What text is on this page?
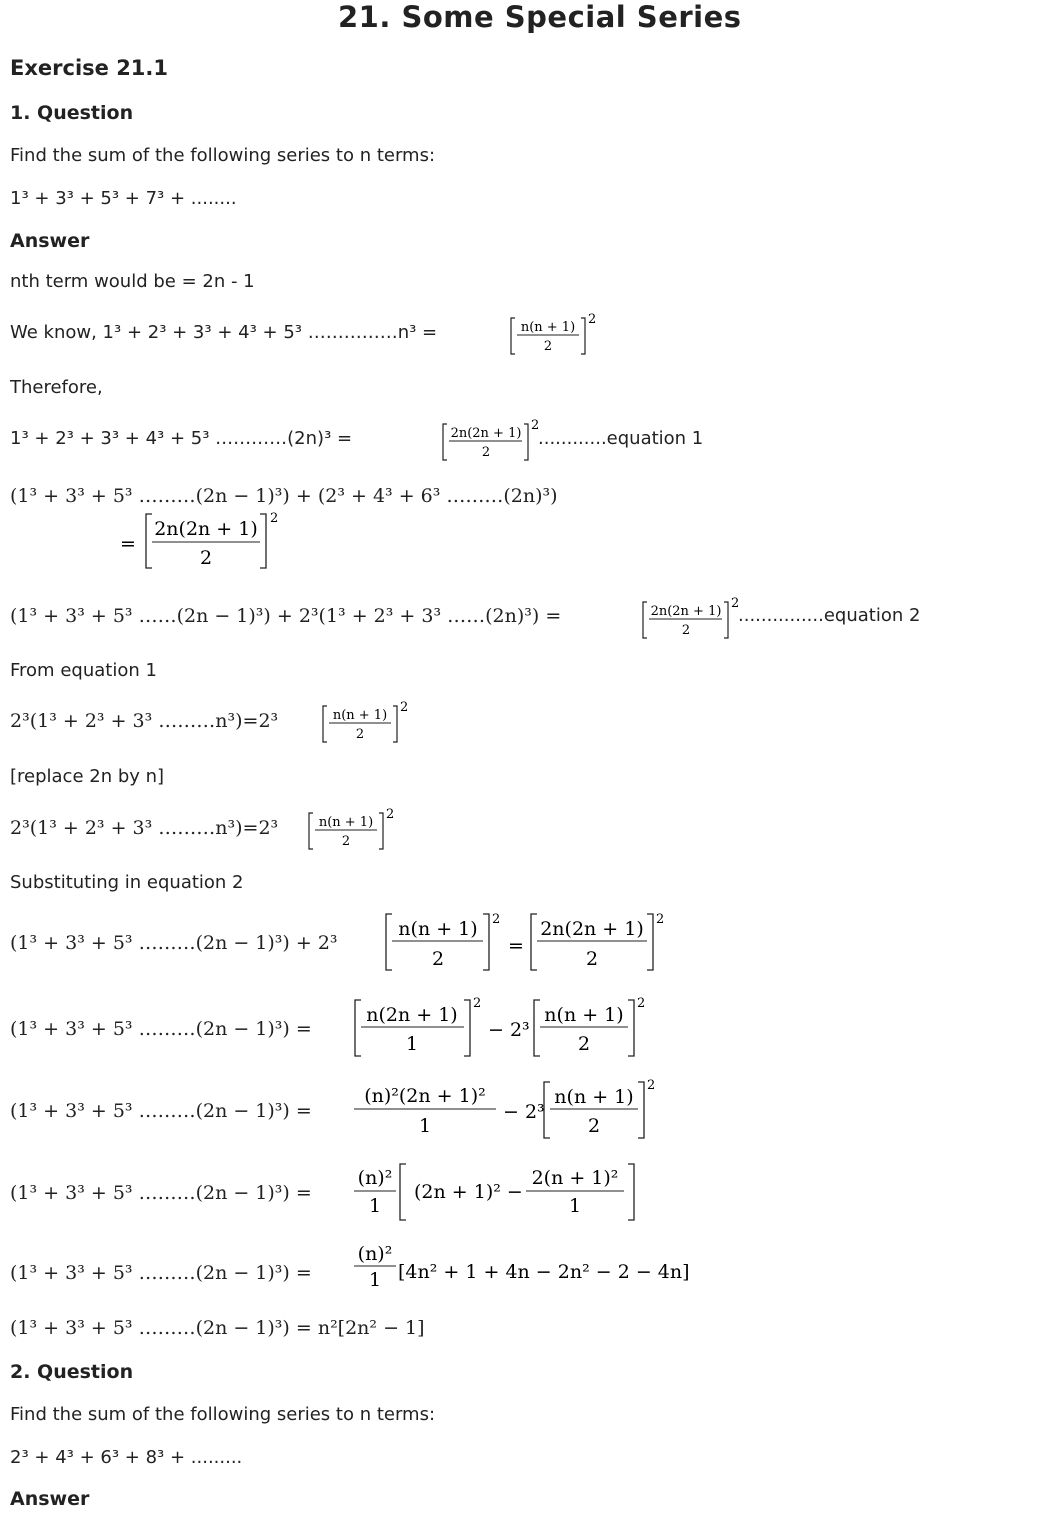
21. Some Special Series
Exercise 21.1
1. Question
Find the sum of the following series to n terms:
1³ + 3³ + 5³ + 7³ + ........
Answer
nth term would be = 2n - 1
We know, 1³ + 2³ + 3³ + 4³ + 5³ ……………n³ =	n(n + 1)
2
2
Therefore,
1³ + 2³ + 3³ + 4³ + 5³ …………(2n)³ =	2n(2n + 1)
2
2
............equation 1
(1³ + 3³ + 5³ ………(2n − 1)³) + (2³ + 4³ + 6³ ………(2n)³)
=
2n(2n + 1)
2
2
(1³ + 3³ + 5³ ……(2n − 1)³) + 2³(1³ + 2³ + 3³ ……(2n)³) =	2n(2n + 1)
2
2
...............equation 2
From equation 1
2³(1³ + 2³ + 3³ ………n³)=2³	n(n + 1)
2
2
[replace 2n by n]
2³(1³ + 2³ + 3³ ………n³)=2³	n(n + 1)
2
2
Substituting in equation 2
(1³ + 3³ + 5³ ………(2n − 1)³) + 2³
n(n + 1)
2
2
=
2n(2n + 1)
2
2
(1³ + 3³ + 5³ ………(2n − 1)³) =
n(2n + 1)
1
2
− 2³
n(n + 1)
2
2
(1³ + 3³ + 5³ ………(2n − 1)³) =
(n)²(2n + 1)²
1
− 2³
n(n + 1)
2
2
(1³ + 3³ + 5³ ………(2n − 1)³) =
(n)²
1
(2n + 1)² −
2(n + 1)²
1
(1³ + 3³ + 5³ ………(2n − 1)³) =
(n)²
1 [4n² + 1 + 4n − 2n² − 2 − 4n]
(1³ + 3³ + 5³ ………(2n − 1)³) = n²[2n² − 1]
2. Question
Find the sum of the following series to n terms:
2³ + 4³ + 6³ + 8³ + .........
Answer
